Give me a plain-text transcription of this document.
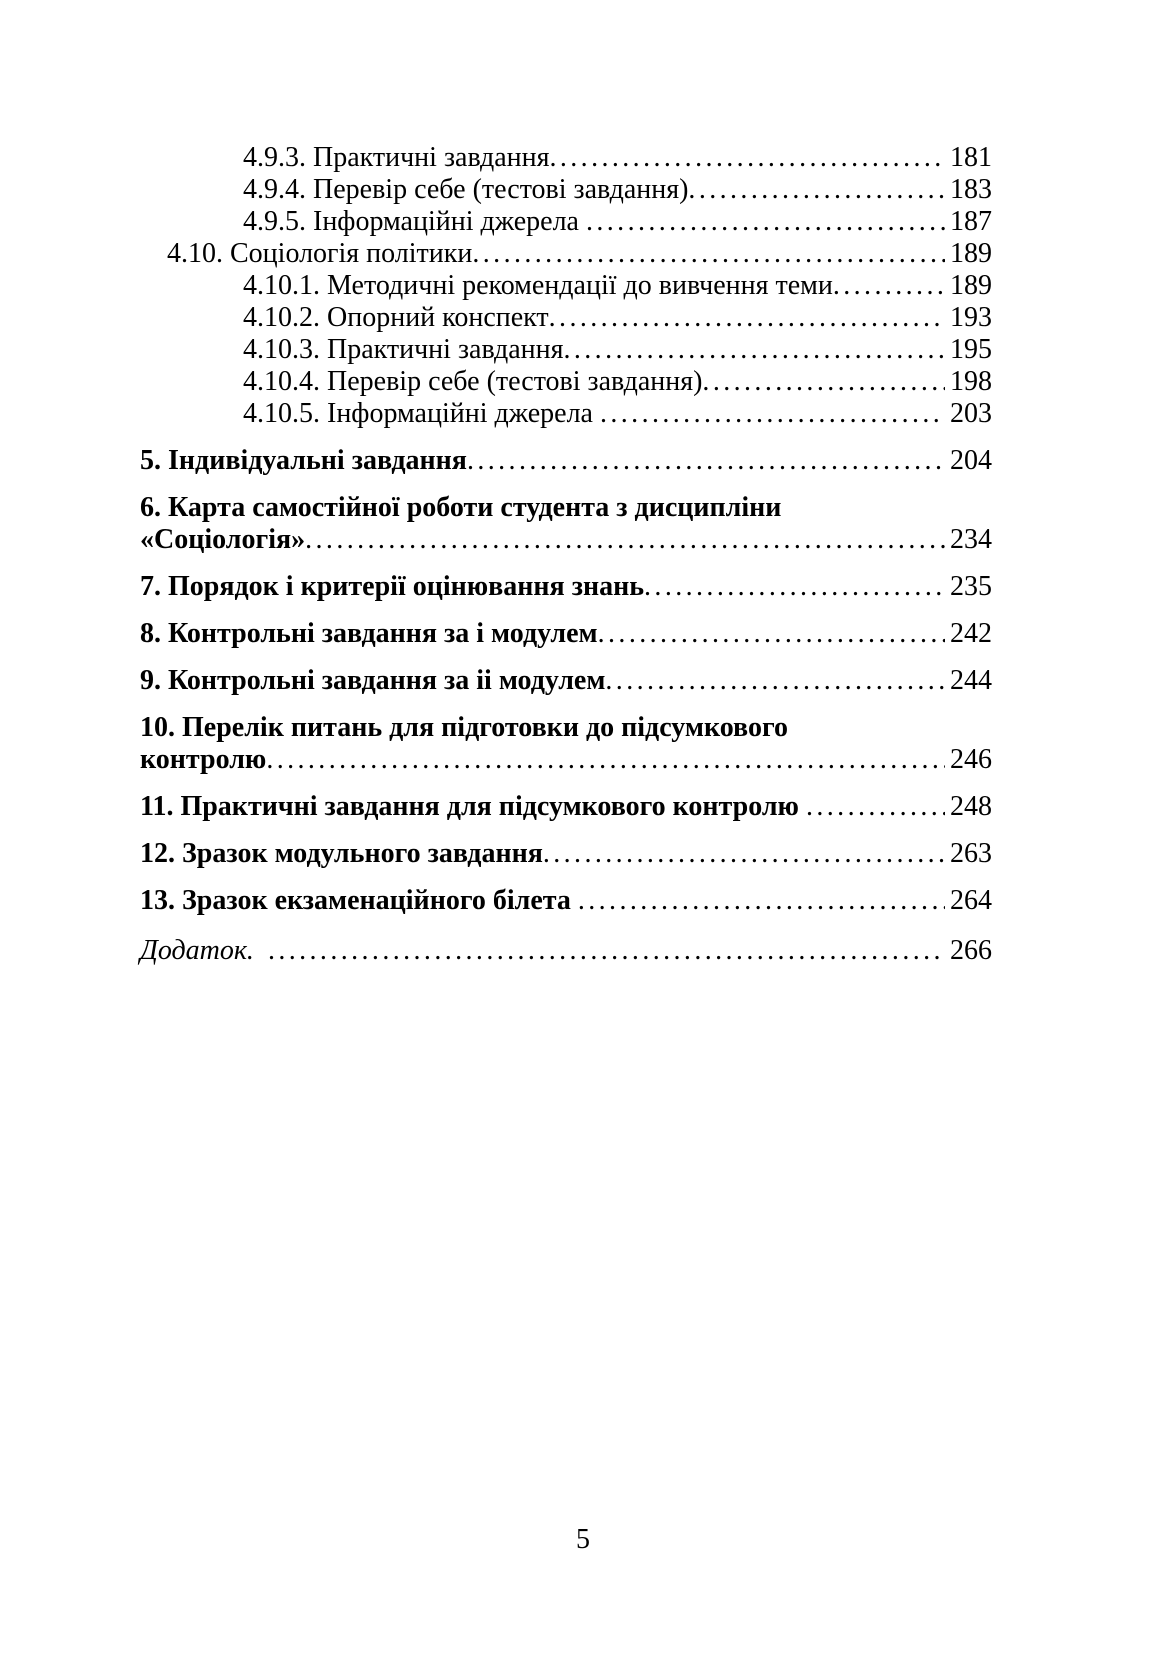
4.9.3. Практичні завдання .....	181
4.9.4. Перевір себе (тестові завдання) .....	183
4.9.5. Інформаційні джерела .....	187
4.10. Соціологія політики .....	189
4.10.1. Методичні рекомендації до вивчення теми .....	189
4.10.2. Опорний конспект .....	193
4.10.3. Практичні завдання .....	195
4.10.4. Перевір себе (тестові завдання) .....	198
4.10.5. Інформаційні джерела .....	203
5. Індивідуальні завдання .....	204
6. Карта самостійної роботи студента з дисципліни
«Соціологія» .....	234
7. Порядок і критерії оцінювання знань .....	235
8. Контрольні завдання за і модулем .....	242
9. Контрольні завдання за іі модулем .....	244
10. Перелік питань для підготовки до підсумкового
контролю .....	246
11. Практичні завдання для підсумкового контролю .....	248
12. Зразок модульного завдання .....	263
13. Зразок екзаменаційного білета .....	264
Додаток. .....	266
5
